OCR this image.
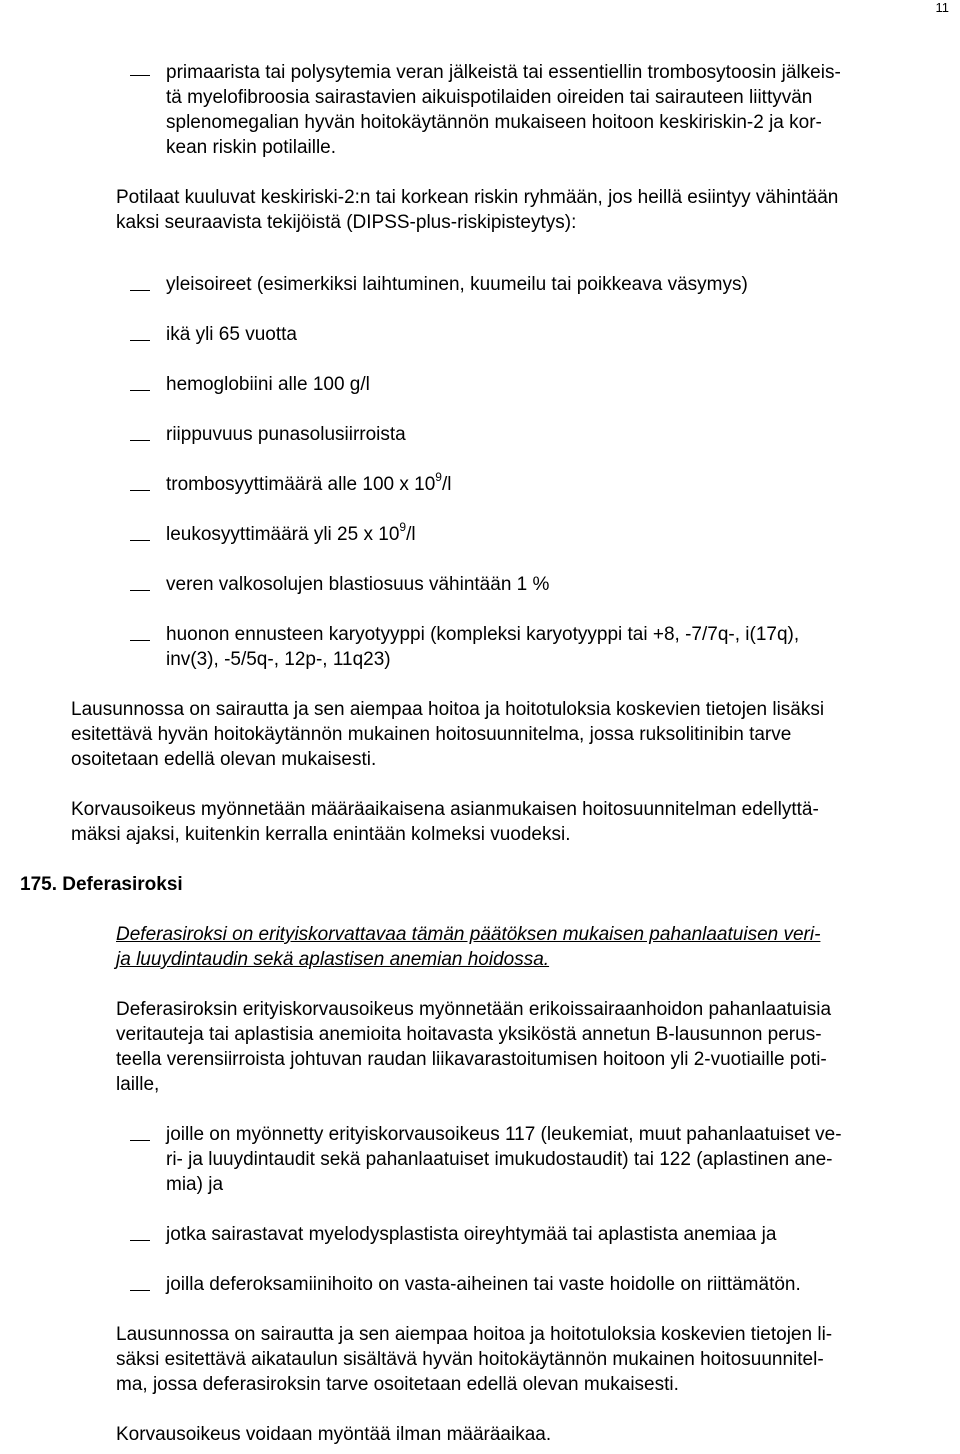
11
primaarista tai polysytemia veran jälkeistä tai essentiellin trombosytoosin jälkeis-
tä myelofibroosia sairastavien aikuispotilaiden oireiden tai sairauteen liittyvän
splenomegalian hyvän hoitokäytännön mukaiseen hoitoon keskiriskin-2 ja kor-
kean riskin potilaille.
Potilaat kuuluvat keskiriski-2:n tai korkean riskin ryhmään, jos heillä esiintyy vähintään
kaksi seuraavista tekijöistä (DIPSS-plus-riskipisteytys):
yleisoireet (esimerkiksi laihtuminen, kuumeilu tai poikkeava väsymys)
ikä yli 65 vuotta
hemoglobiini alle 100 g/l
riippuvuus punasolusiirroista
trombosyyttimäärä alle 100 x $10^9/l$
leukosyyttimäärä yli 25 x $10^9/l$
veren valkosolujen blastiosuus vähintään 1 %
huonon ennusteen karyotyyppi (kompleksi karyotyyppi tai +8, -7/7q-, i(17q),
inv(3), -5/5q-, 12p-, 11q23)
Lausunnossa on sairautta ja sen aiempaa hoitoa ja hoitotuloksia koskevien tietojen lisäksi
esitettävä hyvän hoitokäytännön mukainen hoitosuunnitelma, jossa ruksolitinibin tarve
osoitetaan edellä olevan mukaisesti.
Korvausoikeus myönnetään määräaikaisena asianmukaisen hoitosuunnitelman edellyttä-
mäksi ajaksi, kuitenkin kerralla enintään kolmeksi vuodeksi.
175. Deferasiroksi
Deferasiroksi on erityiskorvattavaa tämän päätöksen mukaisen pahanlaatuisen veri-
ja luuydintaudin sekä aplastisen anemian hoidossa.
Deferasiroksin erityiskorvausoikeus myönnetään erikoissairaanhoidon pahanlaatuisia
veritauteja tai aplastisia anemioita hoitavasta yksiköstä annetun B-lausunnon perus-
teella verensiirroista johtuvan raudan liikavarastoitumisen hoitoon yli 2-vuotiaille poti-
laille,
joille on myönnetty erityiskorvausoikeus 117 (leukemiat, muut pahanlaatuiset ve-
ri- ja luuydintaudit sekä pahanlaatuiset imukudostaudit) tai 122 (aplastinen ane-
mia) ja
jotka sairastavat myelodysplastista oireyhtymää tai aplastista anemiaa ja
joilla deferoksamiinihoito on vasta-aiheinen tai vaste hoidolle on riittämätön.
Lausunnossa on sairautta ja sen aiempaa hoitoa ja hoitotuloksia koskevien tietojen li-
säksi esitettävä aikataulun sisältävä hyvän hoitokäytännön mukainen hoitosuunnitel-
ma, jossa deferasiroksin tarve osoitetaan edellä olevan mukaisesti.
Korvausoikeus voidaan myöntää ilman määräaikaa.
